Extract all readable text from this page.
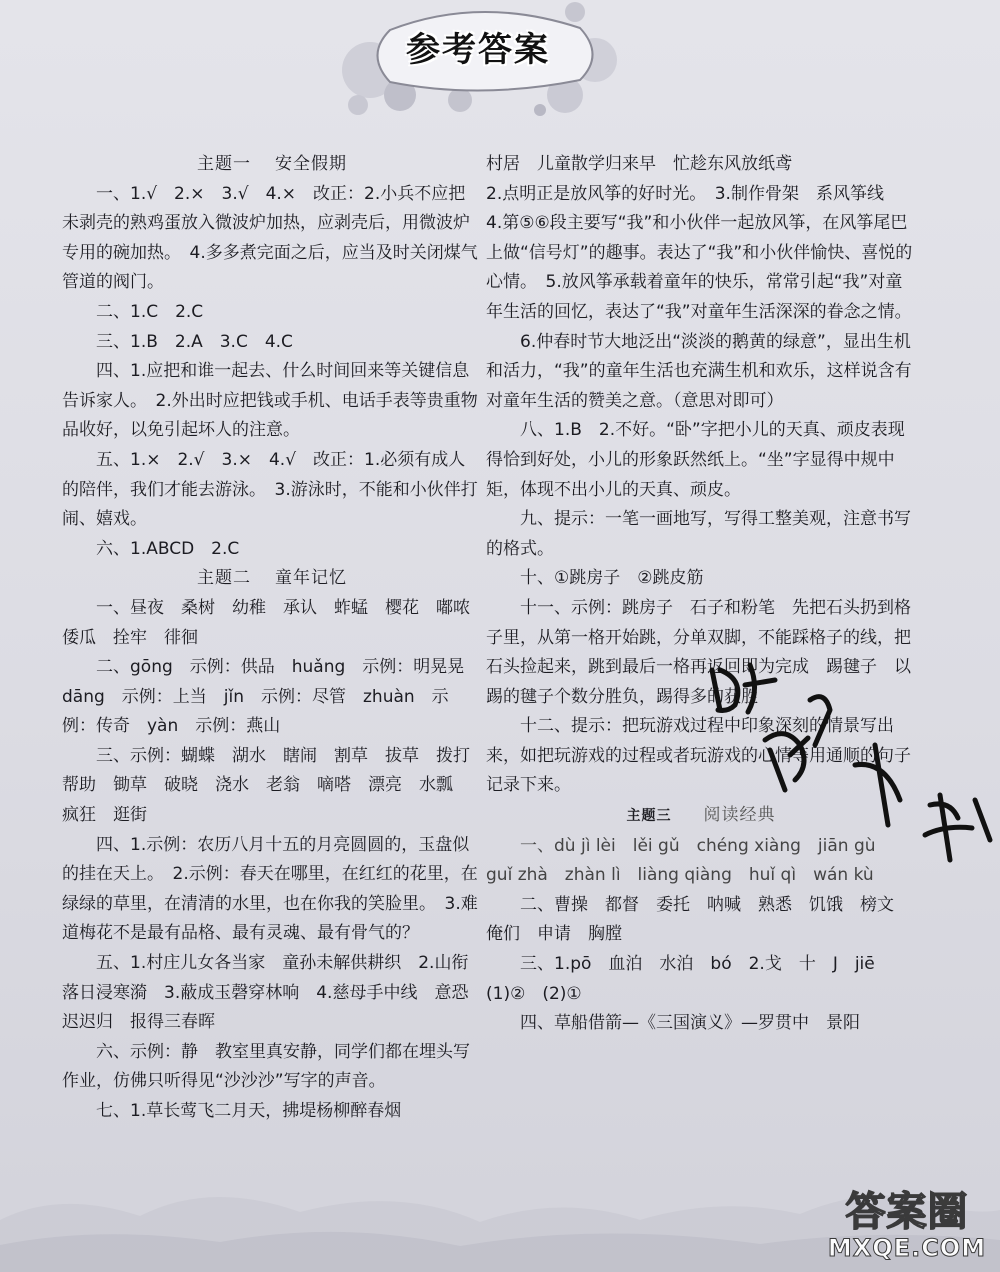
参考答案

主题一 安全假期

一、1.√　2.×　3.√　4.×　改正：2.小兵不应把未剥壳的熟鸡蛋放入微波炉加热，应剥壳后，用微波炉专用的碗加热。　4.多多煮完面之后，应当及时关闭煤气管道的阀门。

二、1.C　2.C

三、1.B　2.A　3.C　4.C

四、1.应把和谁一起去、什么时间回来等关键信息告诉家人。　2.外出时应把钱或手机、电话手表等贵重物品收好，以免引起坏人的注意。

五、1.×　2.√　3.×　4.√　改正：1.必须有成人的陪伴，我们才能去游泳。　3.游泳时，不能和小伙伴打闹、嬉戏。

六、1.ABCD　2.C

主题二 童年记忆

一、昼夜　桑树　幼稚　承认　蚱蜢　樱花　嘟哝　倭瓜　拴牢　徘徊

二、gōng　示例：供品　huǎng　示例：明晃晃　dāng　示例：上当　jǐn　示例：尽管　zhuàn　示例：传奇　yàn　示例：燕山

三、示例：蝴蝶　湖水　瞎闹　割草　拔草　拨打　帮助　锄草　破晓　浇水　老翁　嘀嗒　漂亮　水瓢　疯狂　逛街

四、1.示例：农历八月十五的月亮圆圆的，玉盘似的挂在天上。　2.示例：春天在哪里，在红红的花里，在绿绿的草里，在清清的水里，也在你我的笑脸里。　3.难道梅花不是最有品格、最有灵魂、最有骨气的？

五、1.村庄儿女各当家　童孙未解供耕织　2.山衔落日浸寒漪　3.蔽成玉磬穿林响　4.慈母手中线　意恐迟迟归　报得三春晖

六、示例：静　教室里真安静，同学们都在埋头写作业，仿佛只听得见“沙沙沙”写字的声音。

七、1.草长莺飞二月天，拂堤杨柳醉春烟

村居　儿童散学归来早　忙趁东风放纸鸢

2.点明正是放风筝的好时光。　3.制作骨架　系风筝线　4.第⑤⑥段主要写“我”和小伙伴一起放风筝，在风筝尾巴上做“信号灯”的趣事。表达了“我”和小伙伴愉快、喜悦的心情。　5.放风筝承载着童年的快乐，常常引起“我”对童年生活的回忆，表达了“我”对童年生活深深的眷念之情。

6.仲春时节大地泛出“淡淡的鹅黄的绿意”，显出生机和活力，“我”的童年生活也充满生机和欢乐，这样说含有对童年生活的赞美之意。（意思对即可）

八、1.B　2.不好。“卧”字把小儿的天真、顽皮表现得恰到好处，小儿的形象跃然纸上。“坐”字显得中规中矩，体现不出小儿的天真、顽皮。

九、提示：一笔一画地写，写得工整美观，注意书写的格式。

十、①跳房子　②跳皮筋

十一、示例：跳房子　石子和粉笔　先把石头扔到格子里，从第一格开始跳，分单双脚，不能踩格子的线，把石头捡起来，跳到最后一格再返回即为完成　踢毽子　以踢的毽子个数分胜负，踢得多的获胜

十二、提示：把玩游戏过程中印象深刻的情景写出来，如把玩游戏的过程或者玩游戏的心情等用通顺的句子记录下来。

主题三 阅读经典

一、dù jì lèi　lěi gǔ　chéng xiàng　jiān gù　guǐ zhà　zhàn lì　liàng qiàng　huǐ qì　wán kù

二、曹操　都督　委托　呐喊　熟悉　饥饿　榜文　俺们　申请　胸膛

三、1.pō　血泊　水泊　bó　2.戈　十　J　jiē　(1)②　(2)①

四、草船借箭—《三国演义》—罗贯中　景阳

答案圈
MXQE.COM
